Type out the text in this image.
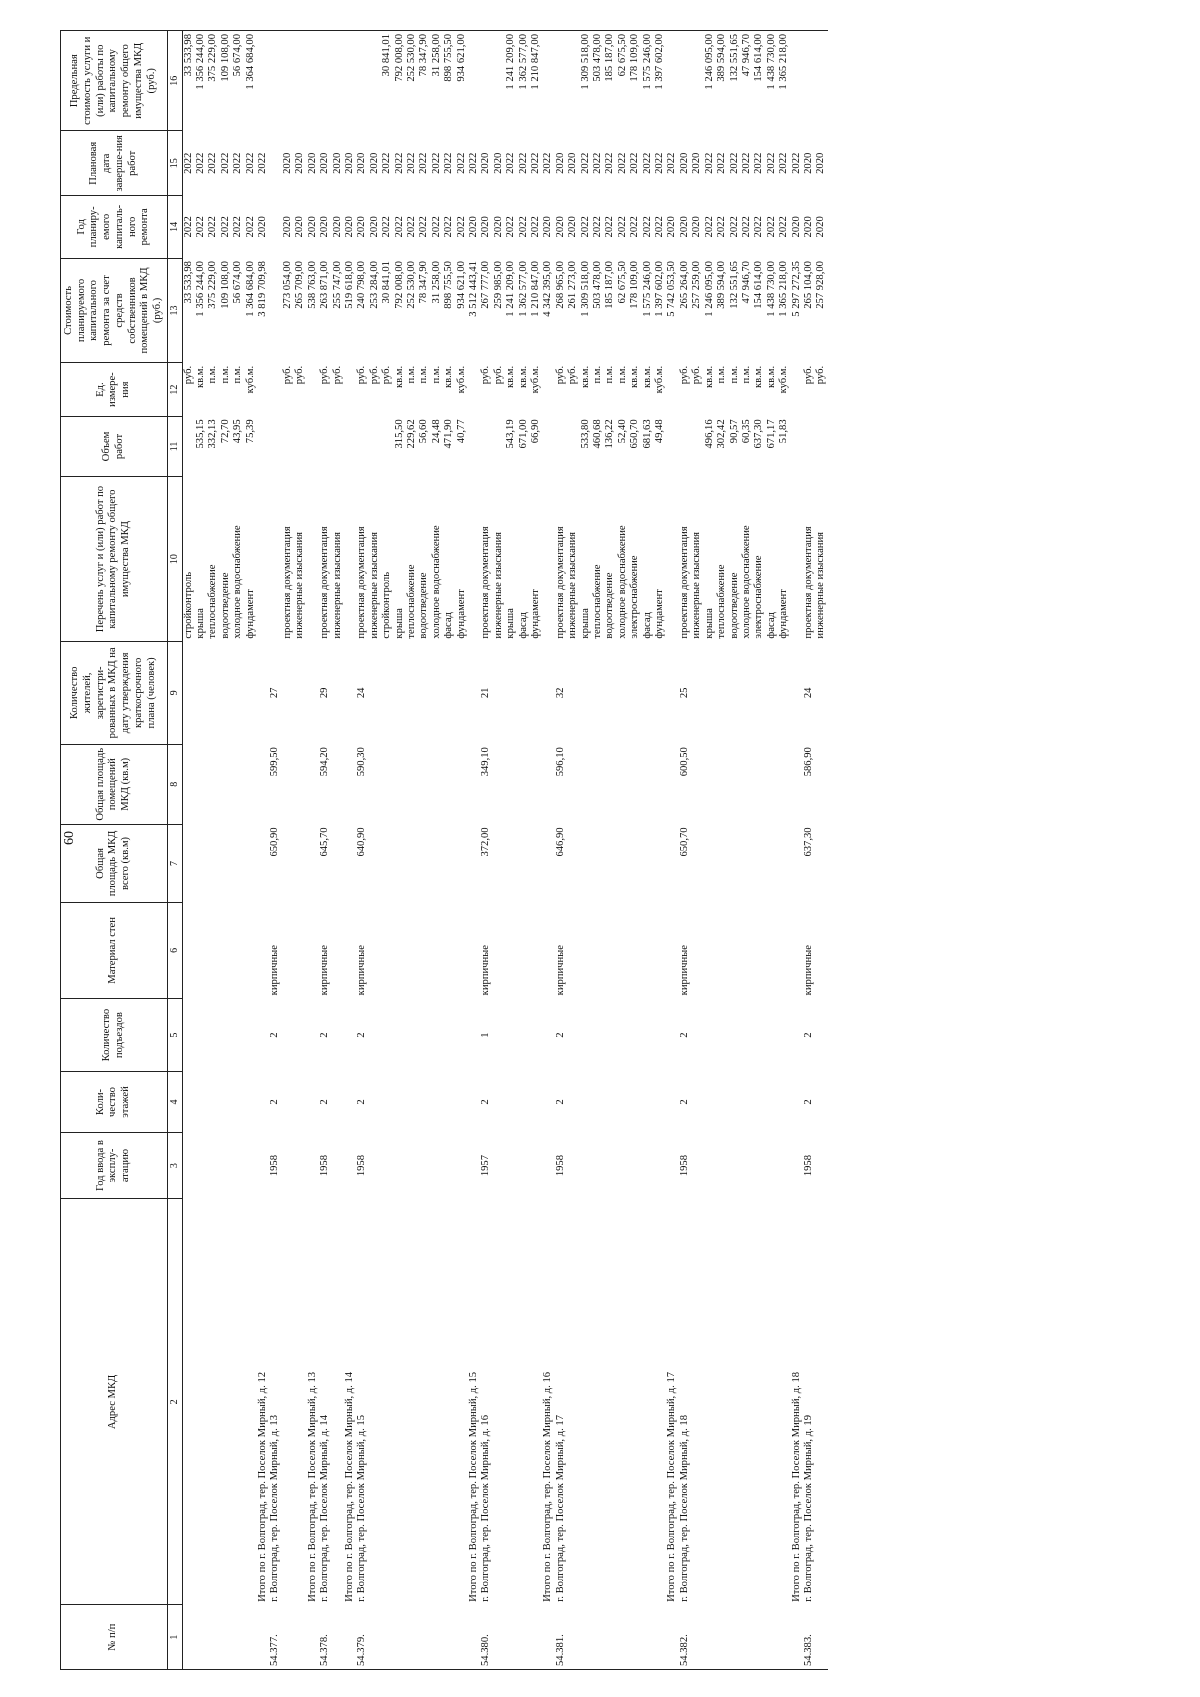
60
№ п/п	Адрес МКД	Год ввода в эксплу-атацию	Коли-чество этажей	Количество подъездов	Материал стен	Общая площадь МКД всего (кв.м)	Общая площадь помещений МКД (кв.м)	Количество жителей, зарегистри-рованных в МКД на дату утверждения краткосрочного плана (человек)	Перечень услуг и (или) работ по капитальному ремонту общего имущества МКД	Объем работ	Ед. измере-ния	Стоимость планируемого капитального ремонта за счет средств собственников помещений в МКД (руб.)	Год планиру-емого капиталь-ного ремонта	Плановая дата заверше-ния работ	Предельная стоимость услуги и (или) работы по капитальному ремонту общего имущества МКД (руб.)
1	2	3	4	5	6	7	8	9	10	11	12	13	14	15	16
									стройконтроль		руб.	33 533,98	2022	2022	33 533,98
									крыша	535,15	кв.м.	1 356 244,00	2022	2022	1 356 244,00
									теплоснабжение	332,13	п.м.	375 229,00	2022	2022	375 229,00
									водоотведение	72,70	п.м.	109 108,00	2022	2022	109 108,00
									холодное водоснабжение	43,95	п.м.	56 674,00	2022	2022	56 674,00
									фундамент	75,39	куб.м.	1 364 684,00	2022	2022	1 364 684,00
	Итого по г. Волгоград, тер. Поселок Мирный, д. 12											3 819 709,98	2020	2022	
54.377.	г. Волгоград, тер. Поселок Мирный, д. 13	1958	2	2	кирпичные	650,90	599,50	27							
									проектная документация		руб.	273 054,00	2020	2020	
									инженерные изыскания		руб.	265 709,00	2020	2020	
	Итого по г. Волгоград, тер. Поселок Мирный, д. 13											538 763,00	2020	2020	
54.378.	г. Волгоград, тер. Поселок Мирный, д. 14	1958	2	2	кирпичные	645,70	594,20	29	проектная документация		руб.	263 871,00	2020	2020	
									инженерные изыскания		руб.	255 747,00	2020	2020	
	Итого по г. Волгоград, тер. Поселок Мирный, д. 14											519 618,00	2020	2020	
54.379.	г. Волгоград, тер. Поселок Мирный, д. 15	1958	2	2	кирпичные	640,90	590,30	24	проектная документация		руб.	240 798,00	2020	2020	
									инженерные изыскания		руб.	253 284,00	2020	2020	
									стройконтроль		руб.	30 841,01	2022	2022	30 841,01
									крыша	315,50	кв.м.	792 008,00	2022	2022	792 008,00
									теплоснабжение	229,62	п.м.	252 530,00	2022	2022	252 530,00
									водоотведение	56,60	п.м.	78 347,90	2022	2022	78 347,90
									холодное водоснабжение	24,48	п.м.	31 258,00	2022	2022	31 258,00
									фасад	471,90	кв.м.	898 755,50	2022	2022	898 755,50
									фундамент	40,77	куб.м.	934 621,00	2022	2022	934 621,00
	Итого по г. Волгоград, тер. Поселок Мирный, д. 15											3 512 443,41	2020	2022	
54.380.	г. Волгоград, тер. Поселок Мирный, д. 16	1957	2	1	кирпичные	372,00	349,10	21	проектная документация		руб.	267 777,00	2020	2020	
									инженерные изыскания		руб.	259 985,00	2020	2020	
									крыша	543,19	кв.м.	1 241 209,00	2022	2022	1 241 209,00
									фасад	671,00	кв.м.	1 362 577,00	2022	2022	1 362 577,00
									фундамент	66,90	куб.м.	1 210 847,00	2022	2022	1 210 847,00
	Итого по г. Волгоград, тер. Поселок Мирный, д. 16											4 342 395,00	2020	2022	
54.381.	г. Волгоград, тер. Поселок Мирный, д. 17	1958	2	2	кирпичные	646,90	596,10	32	проектная документация		руб.	268 965,00	2020	2020	
									инженерные изыскания		руб.	261 273,00	2020	2020	
									крыша	533,80	кв.м.	1 309 518,00	2022	2022	1 309 518,00
									теплоснабжение	460,68	п.м.	503 478,00	2022	2022	503 478,00
									водоотведение	136,22	п.м.	185 187,00	2022	2022	185 187,00
									холодное водоснабжение	52,40	п.м.	62 675,50	2022	2022	62 675,50
									электроснабжение	650,70	кв.м.	178 109,00	2022	2022	178 109,00
									фасад	681,63	кв.м.	1 575 246,00	2022	2022	1 575 246,00
									фундамент	49,48	куб.м.	1 397 602,00	2022	2022	1 397 602,00
	Итого по г. Волгоград, тер. Поселок Мирный, д. 17											5 742 053,50	2020	2022	
54.382.	г. Волгоград, тер. Поселок Мирный, д. 18	1958	2	2	кирпичные	650,70	600,50	25	проектная документация		руб.	265 264,00	2020	2020	
									инженерные изыскания		руб.	257 259,00	2020	2020	
									крыша	496,16	кв.м.	1 246 095,00	2022	2022	1 246 095,00
									теплоснабжение	302,42	п.м.	389 594,00	2022	2022	389 594,00
									водоотведение	90,57	п.м.	132 551,65	2022	2022	132 551,65
									холодное водоснабжение	60,35	п.м.	47 946,70	2022	2022	47 946,70
									электроснабжение	637,30	кв.м.	154 614,00	2022	2022	154 614,00
									фасад	671,17	кв.м.	1 438 730,00	2022	2022	1 438 730,00
									фундамент	51,83	куб.м.	1 365 218,00	2022	2022	1 365 218,00
	Итого по г. Волгоград, тер. Поселок Мирный, д. 18											5 297 272,35	2020	2022	
54.383.	г. Волгоград, тер. Поселок Мирный, д. 19	1958	2	2	кирпичные	637,30	586,90	24	проектная документация		руб.	265 104,00	2020	2020	
									инженерные изыскания		руб.	257 928,00	2020	2020	
